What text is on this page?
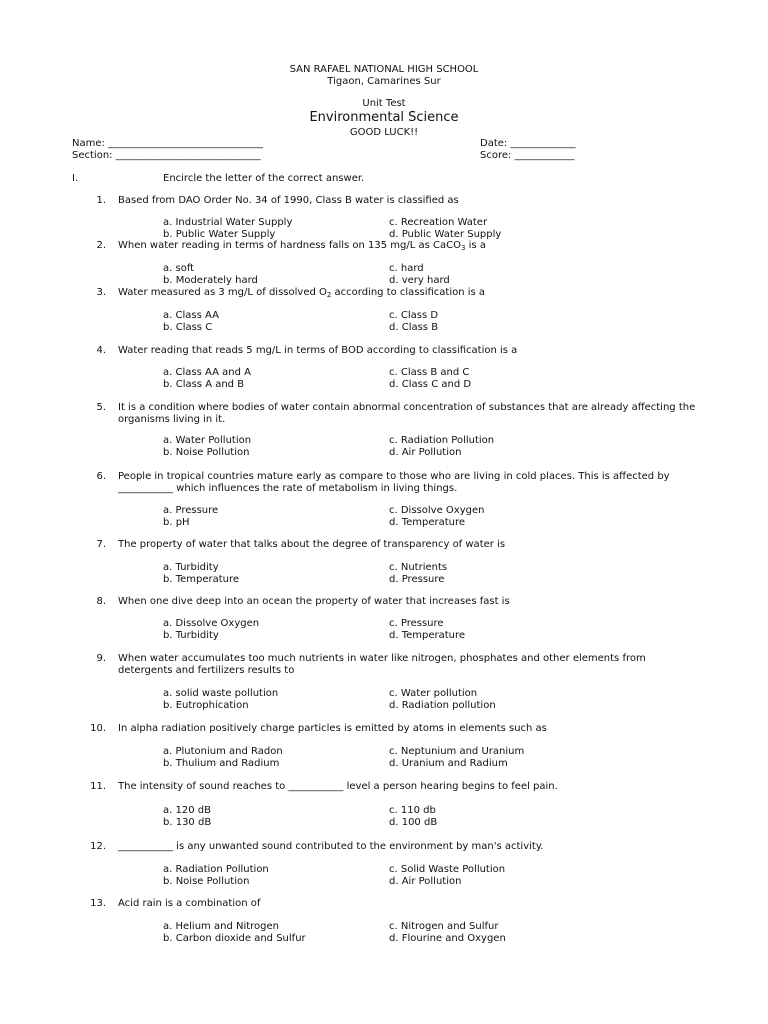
SAN RAFAEL NATIONAL HIGH SCHOOL
Tigaon, Camarines Sur
Unit Test
Environmental Science
GOOD LUCK!!
Name: _______________________________
Section: _____________________________
Date: _____________
Score: ____________
I.	Encircle the letter of the correct answer.
1. Based from DAO Order No. 34 of 1990, Class B water is classified as
a. Industrial Water Supply
b. Public Water Supply
c. Recreation Water
d. Public Water Supply
2. When water reading in terms of hardness falls on 135 mg/L as CaCO$_3$ is a
a. soft
b. Moderately hard
c. hard
d. very hard
3. Water measured as 3 mg/L of dissolved $O_2$ according to classification is a
a. Class AA
b. Class C
c. Class D
d. Class B
4. Water reading that reads 5 mg/L in terms of BOD according to classification is a
a. Class AA and A
b. Class A and B
c. Class B and C
d. Class C and D
5. It is a condition where bodies of water contain abnormal concentration of substances that are already affecting the organisms living in it.
a. Water Pollution
b. Noise Pollution
c. Radiation Pollution
d. Air Pollution
6. People in tropical countries mature early as compare to those who are living in cold places. This is affected by ___________ which influences the rate of metabolism in living things.
a. Pressure
b. pH
c. Dissolve Oxygen
d. Temperature
7. The property of water that talks about the degree of transparency of water is
a. Turbidity
b. Temperature
c. Nutrients
d. Pressure
8. When one dive deep into an ocean the property of water that increases fast is
a. Dissolve Oxygen
b. Turbidity
c. Pressure
d. Temperature
9. When water accumulates too much nutrients in water like nitrogen, phosphates and other elements from detergents and fertilizers results to
a. solid waste pollution
b. Eutrophication
c. Water pollution
d. Radiation pollution
10. In alpha radiation positively charge particles is emitted by atoms in elements such as
a. Plutonium and Radon
b. Thulium and Radium
c. Neptunium and Uranium
d. Uranium and Radium
11. The intensity of sound reaches to ___________ level a person hearing begins to feel pain.
a. 120 dB
b. 130 dB
c. 110 db
d. 100 dB
12. ___________ is any unwanted sound contributed to the environment by man's activity.
a. Radiation Pollution
b. Noise Pollution
c. Solid Waste Pollution
d. Air Pollution
13. Acid rain is a combination of
a. Helium and Nitrogen
b. Carbon dioxide and Sulfur
c. Nitrogen and Sulfur
d. Flourine and Oxygen
